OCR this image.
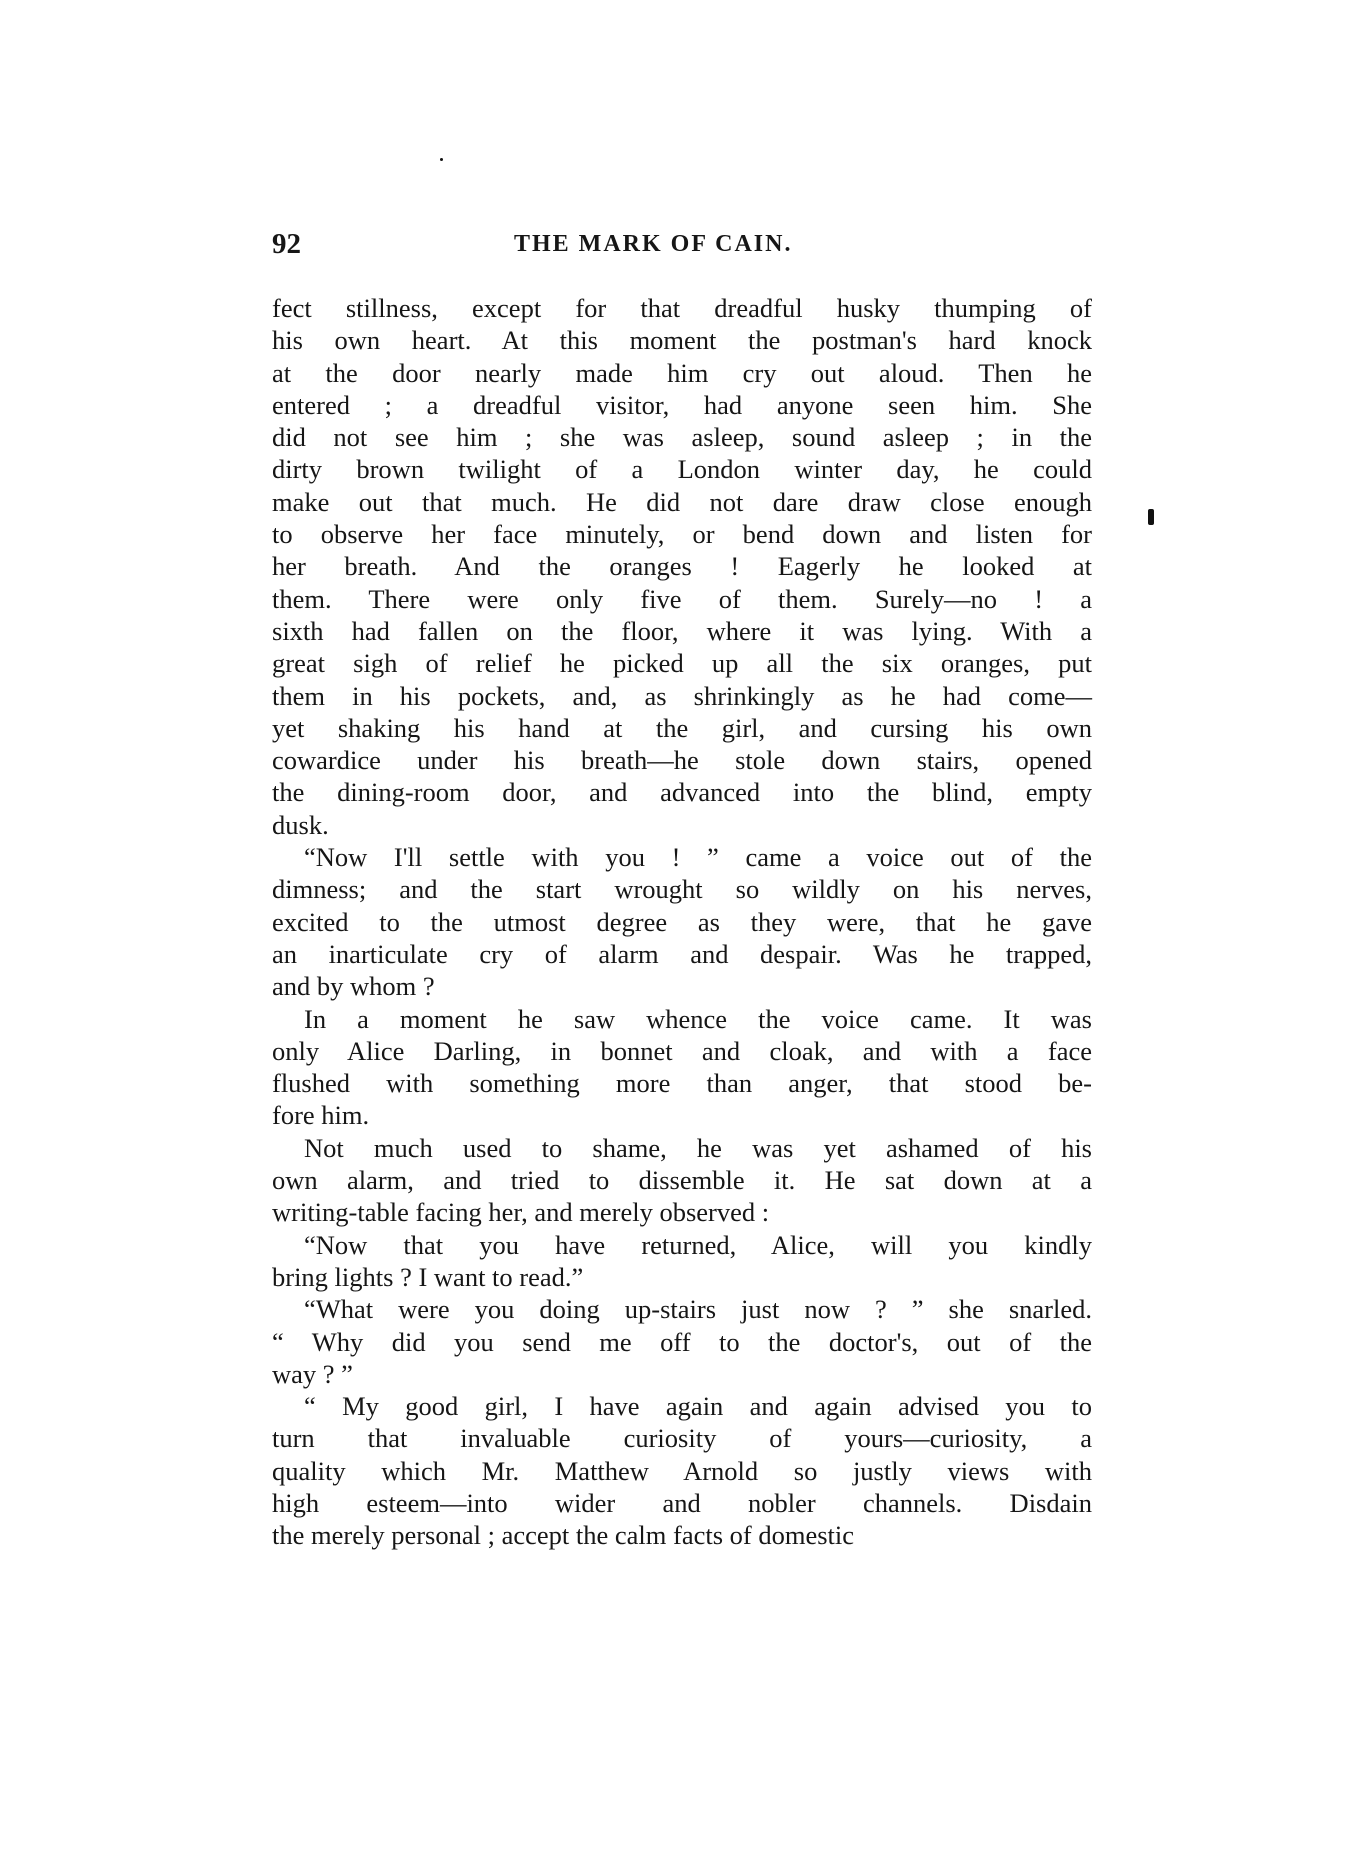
92	THE MARK OF CAIN.

fect stillness, except for that dreadful husky thumping of
his own heart. At this moment the postman's hard knock
at the door nearly made him cry out aloud. Then he
entered ; a dreadful visitor, had anyone seen him. She
did not see him ; she was asleep, sound asleep ; in the
dirty brown twilight of a London winter day, he could
make out that much. He did not dare draw close enough
to observe her face minutely, or bend down and listen for
her breath. And the oranges ! Eagerly he looked at
them. There were only five of them. Surely—no ! a
sixth had fallen on the floor, where it was lying. With a
great sigh of relief he picked up all the six oranges, put
them in his pockets, and, as shrinkingly as he had come—
yet shaking his hand at the girl, and cursing his own
cowardice under his breath—he stole down stairs, opened
the dining-room door, and advanced into the blind, empty
dusk.

“Now I'll settle with you ! ” came a voice out of the
dimness; and the start wrought so wildly on his nerves,
excited to the utmost degree as they were, that he gave
an inarticulate cry of alarm and despair. Was he trapped,
and by whom ?

In a moment he saw whence the voice came. It was
only Alice Darling, in bonnet and cloak, and with a face
flushed with something more than anger, that stood be-
fore him.

Not much used to shame, he was yet ashamed of his
own alarm, and tried to dissemble it. He sat down at a
writing-table facing her, and merely observed :

“Now that you have returned, Alice, will you kindly
bring lights ? I want to read.”

“What were you doing up-stairs just now ? ” she snarled.
“ Why did you send me off to the doctor's, out of the
way ? ”

“ My good girl, I have again and again advised you to
turn that invaluable curiosity of yours—curiosity, a
quality which Mr. Matthew Arnold so justly views with
high esteem—into wider and nobler channels. Disdain
the merely personal ; accept the calm facts of domestic
